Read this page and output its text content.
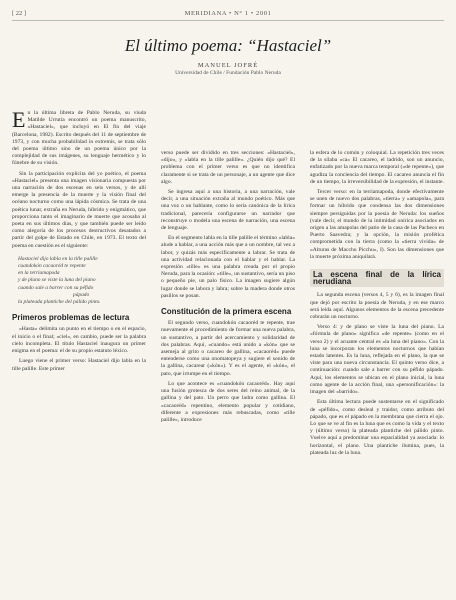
[ 22 ]	MERIDIANA • N° 1 • 2001
El último poema: “Hastaciel”
MANUEL JOFRÉ
Universidad de Chile / Fundación Pablo Neruda

En la última libreta de Pablo Neruda, su viuda Matilde Urrutia encontró un poema manuscrito, «Hastaciel», que incluyó en El fin del viaje (Barcelona, 1982). Escrito después del 11 de septiembre de 1973, y con mucha probabilidad in extremis, se trata sólo del poema último sino de un poema único por la complejidad de sus imágenes, su lenguaje hermético y lo fúnebre de su visión.

Sin la participación explícita del yo poético, el poema «Hastaciel» presenta una imagen visionaria compuesta por una narración de dos escenas en seis versos, y de allí emerge la presencia de la muerte y la visión final del océano nocturno como una lápida cósmica. Se trata de una poética lunar, extraña en Neruda, híbrido y enigmático, que proporciona tanto el imaginario de muerte que acosaba al poeta en sus últimos días, y que también puede ser leído como alegoría de los procesos destructivos desatados a partir del golpe de Estado en Chile, en 1973. El texto del poema en cuestión es el siguiente:

Hastaciel dijo labla en la tille palille
cuandokón cacaoréd te repente
en la terriamapoda
y de plano se viste la luna del piano
cuando sale a barrer con su péfido
pápado
la plateada plantiche del pálido pinto.
Primeros problemas de lectura

«Hasta» delimita un punto en el tiempo o en el espacio, el inicio o el final; «ciel», en cambio, puede ser la palabra cielo incompleta. El título Hastaciel inaugura un primer enigma en el poema: el de su propio estatuto léxico.

Luego viene el primer verso: Hastaciel dijo labla en la tille palille. Este primer

verso puede ser dividido en tres secciones: «Hastaciel», «dijo», y «labla en la tille palille». ¿Quién dijo qué? El problema con el primer verso es que no identifica claramente si se trata de un personaje, a un agente que dice algo.

Se ingresa aquí a una historia, a una narración, vale decir, a una situación extraña al mundo poético. Más que una voz o un hablante, como lo sería canónica de la lírica tradicional, parecería configurarse un narrador que reconstruye o modela una escena de narración, una escena de lenguaje.

En el segmento labla en la tille palille el término «labla» alude a hablar, a una acción más que a un nombre, tal vez a labor, y quizás más específicamente a labrar. Se trata de una actividad relacionada con el hablar y el hablar. La expresión «tille» es una palabra creada por el propio Neruda, para la ocasión: «tille», un sustantivo, sería un piso o pequeño pie, un palo fisico. La imagen sugiere algún lugar donde se labora y labra; sobre la madera donde otros pasillos se posan.

Constitución de la primera escena

El segundo verso, cuandokón cacaoréd te repente, trae nuevamente el procedimiento de formar una nueva palabra, un sustantivo, a partir del acercamiento y solidaridad de dos palabras. Aquí, «cuando» está unido a «kón» que se asemeja al grito o cacareo de gallina, «cacaoréd» puede entenderse como una onomatopeya y sugiere el sonido de la gallina, cacarear («kón»). Y es el agente, el «kón», el pato, que irrumpe en el tiempo.

Lo que acontece es «cuandokón cacaoréd». Hay aquí una fusión grotesca de dos seres del reino animal, de la gallina y del pato. Un perro que ladra como gallina. El «cacaoréd» repentino, elemento popular y cotidiano, diferente a expresiones más rebuscadas, como «tille palille», introduce

la esfera de lo común y coloquial. La repetición tres veces de la sílaba «ca» El cacareo, el ladrido, son un anuncio, enfatizado por la nueva marca temporal («de repente»), que agudiza la conciencia del tiempo. El cacareo anuncia el fin de un tiempo, la irreversibilidad de la expresión, el instante.

Tercer verso: en la terriamapoda, donde efectivamente se unen de nuevo dos palabras, «tierra» y «amapola», para formar un híbrido que condensa las dos dimensiones siempre persiguidas por la poesía de Neruda: los sueños (vale decir, el mundo de la intimidad onírica asociados en origen a las amapolas del patio de la casa de las Pacheco en Puerto Saavedra; y la opción, la misión profética comprometida con la tierra (como la «tierra vivida» de «Alturas de Macchu Picchu», I). Son las dimensiones que la muerte próxima aniquilará.

La escena final de la lírica nerudiana

La segunda escena (versos 4, 5 y 6), es la imagen final que dejó por escrito la poesía de Neruda, y en ese marco será leída aquí. Algunos elementos de la escena precedente cobrarán un nocturno.

Verso 4: y de plano se viste la luna del piano. La «fórmula de plano» significa «de repente» (como en el verso 2) y el acuante central es «la luna del piano». Con la luna se incorporan los elementos nocturnos que habían estado latentes. Es la luna, reflejada en el plano, la que se viste para una nueva circunstancia. El quinto verso dice, a continuación: cuando sale a barrer con su péfido pápado. Aquí, los elementos se ubican en el plano inicial, la luna como agente de la acción final, una «personificación»: la imagen del «barrido».

Esta última lectura puede sustentarse en el significado de «péfido», como desleal y traidor, como atributo del pápado, que es el pápado en la membrana que cierra el ojo. Lo que se ve al fin es la luna que es como la vida y el texto y (último verso) la plateada plantiche del pálido pinto. Vuelve aquí a predominar una espacialidad ya asociada: lo horizontal, el plano. Una plantiche ilumina, pues, la plateada luz de la luna.
